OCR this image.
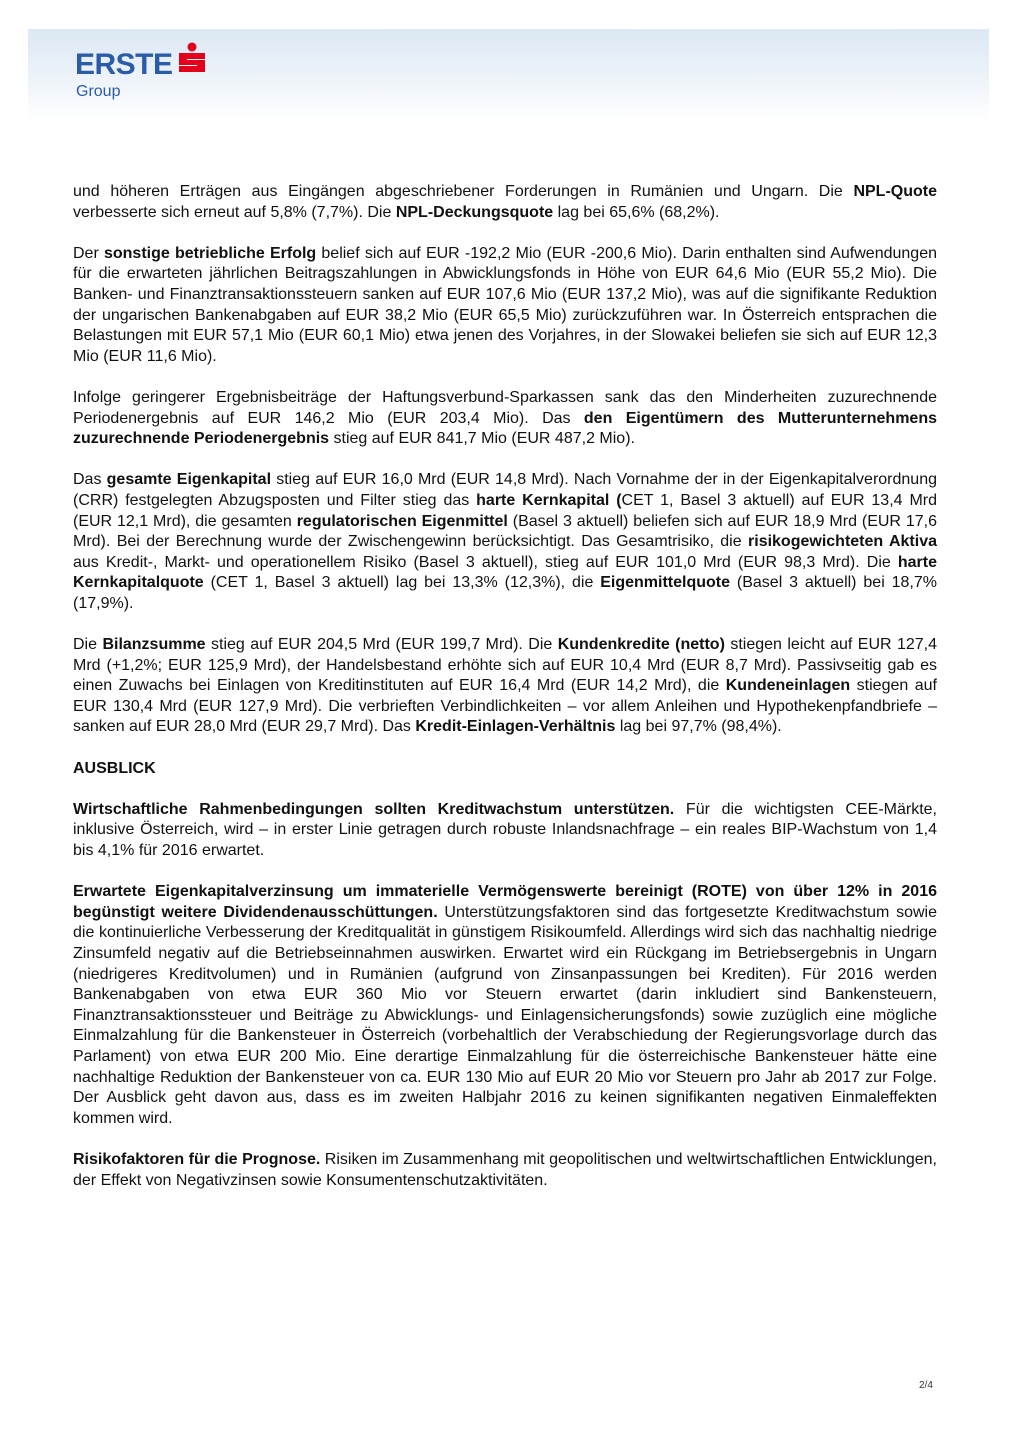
ERSTE
Group

und höheren Erträgen aus Eingängen abgeschriebener Forderungen in Rumänien und Ungarn. Die NPL-Quote verbesserte sich erneut auf 5,8% (7,7%). Die NPL-Deckungsquote lag bei 65,6% (68,2%).

Der sonstige betriebliche Erfolg belief sich auf EUR -192,2 Mio (EUR -200,6 Mio). Darin enthalten sind Aufwendungen für die erwarteten jährlichen Beitragszahlungen in Abwicklungsfonds in Höhe von EUR 64,6 Mio (EUR 55,2 Mio). Die Banken- und Finanztransaktionssteuern sanken auf EUR 107,6 Mio (EUR 137,2 Mio), was auf die signifikante Reduktion der ungarischen Bankenabgaben auf EUR 38,2 Mio (EUR 65,5 Mio) zurückzuführen war. In Österreich entsprachen die Belastungen mit EUR 57,1 Mio (EUR 60,1 Mio) etwa jenen des Vorjahres, in der Slowakei beliefen sie sich auf EUR 12,3 Mio (EUR 11,6 Mio).

Infolge geringerer Ergebnisbeiträge der Haftungsverbund-Sparkassen sank das den Minderheiten zuzurechnende Periodenergebnis auf EUR 146,2 Mio (EUR 203,4 Mio). Das den Eigentümern des Mutterunternehmens zuzurechnende Periodenergebnis stieg auf EUR 841,7 Mio (EUR 487,2 Mio).

Das gesamte Eigenkapital stieg auf EUR 16,0 Mrd (EUR 14,8 Mrd). Nach Vornahme der in der Eigenkapitalverordnung (CRR) festgelegten Abzugsposten und Filter stieg das harte Kernkapital (CET 1, Basel 3 aktuell) auf EUR 13,4 Mrd (EUR 12,1 Mrd), die gesamten regulatorischen Eigenmittel (Basel 3 aktuell) beliefen sich auf EUR 18,9 Mrd (EUR 17,6 Mrd). Bei der Berechnung wurde der Zwischengewinn berücksichtigt. Das Gesamtrisiko, die risikogewichteten Aktiva aus Kredit-, Markt- und operationellem Risiko (Basel 3 aktuell), stieg auf EUR 101,0 Mrd (EUR 98,3 Mrd). Die harte Kernkapitalquote (CET 1, Basel 3 aktuell) lag bei 13,3% (12,3%), die Eigenmittelquote (Basel 3 aktuell) bei 18,7% (17,9%).

Die Bilanzsumme stieg auf EUR 204,5 Mrd (EUR 199,7 Mrd). Die Kundenkredite (netto) stiegen leicht auf EUR 127,4 Mrd (+1,2%; EUR 125,9 Mrd), der Handelsbestand erhöhte sich auf EUR 10,4 Mrd (EUR 8,7 Mrd). Passivseitig gab es einen Zuwachs bei Einlagen von Kreditinstituten auf EUR 16,4 Mrd (EUR 14,2 Mrd), die Kundeneinlagen stiegen auf EUR 130,4 Mrd (EUR 127,9 Mrd). Die verbrieften Verbindlichkeiten – vor allem Anleihen und Hypothekenpfandbriefe – sanken auf EUR 28,0 Mrd (EUR 29,7 Mrd). Das Kredit-Einlagen-Verhältnis lag bei 97,7% (98,4%).

AUSBLICK

Wirtschaftliche Rahmenbedingungen sollten Kreditwachstum unterstützen. Für die wichtigsten CEE-Märkte, inklusive Österreich, wird – in erster Linie getragen durch robuste Inlandsnachfrage – ein reales BIP-Wachstum von 1,4 bis 4,1% für 2016 erwartet.

Erwartete Eigenkapitalverzinsung um immaterielle Vermögenswerte bereinigt (ROTE) von über 12% in 2016 begünstigt weitere Dividendenausschüttungen. Unterstützungsfaktoren sind das fortgesetzte Kreditwachstum sowie die kontinuierliche Verbesserung der Kreditqualität in günstigem Risikoumfeld. Allerdings wird sich das nachhaltig niedrige Zinsumfeld negativ auf die Betriebseinnahmen auswirken. Erwartet wird ein Rückgang im Betriebsergebnis in Ungarn (niedrigeres Kreditvolumen) und in Rumänien (aufgrund von Zinsanpassungen bei Krediten). Für 2016 werden Bankenabgaben von etwa EUR 360 Mio vor Steuern erwartet (darin inkludiert sind Bankensteuern, Finanztransaktionssteuer und Beiträge zu Abwicklungs- und Einlagensicherungsfonds) sowie zuzüglich eine mögliche Einmalzahlung für die Bankensteuer in Österreich (vorbehaltlich der Verabschiedung der Regierungsvorlage durch das Parlament) von etwa EUR 200 Mio. Eine derartige Einmalzahlung für die österreichische Bankensteuer hätte eine nachhaltige Reduktion der Bankensteuer von ca. EUR 130 Mio auf EUR 20 Mio vor Steuern pro Jahr ab 2017 zur Folge. Der Ausblick geht davon aus, dass es im zweiten Halbjahr 2016 zu keinen signifikanten negativen Einmaleffekten kommen wird.

Risikofaktoren für die Prognose. Risiken im Zusammenhang mit geopolitischen und weltwirtschaftlichen Entwicklungen, der Effekt von Negativzinsen sowie Konsumentenschutzaktivitäten.

2/4
